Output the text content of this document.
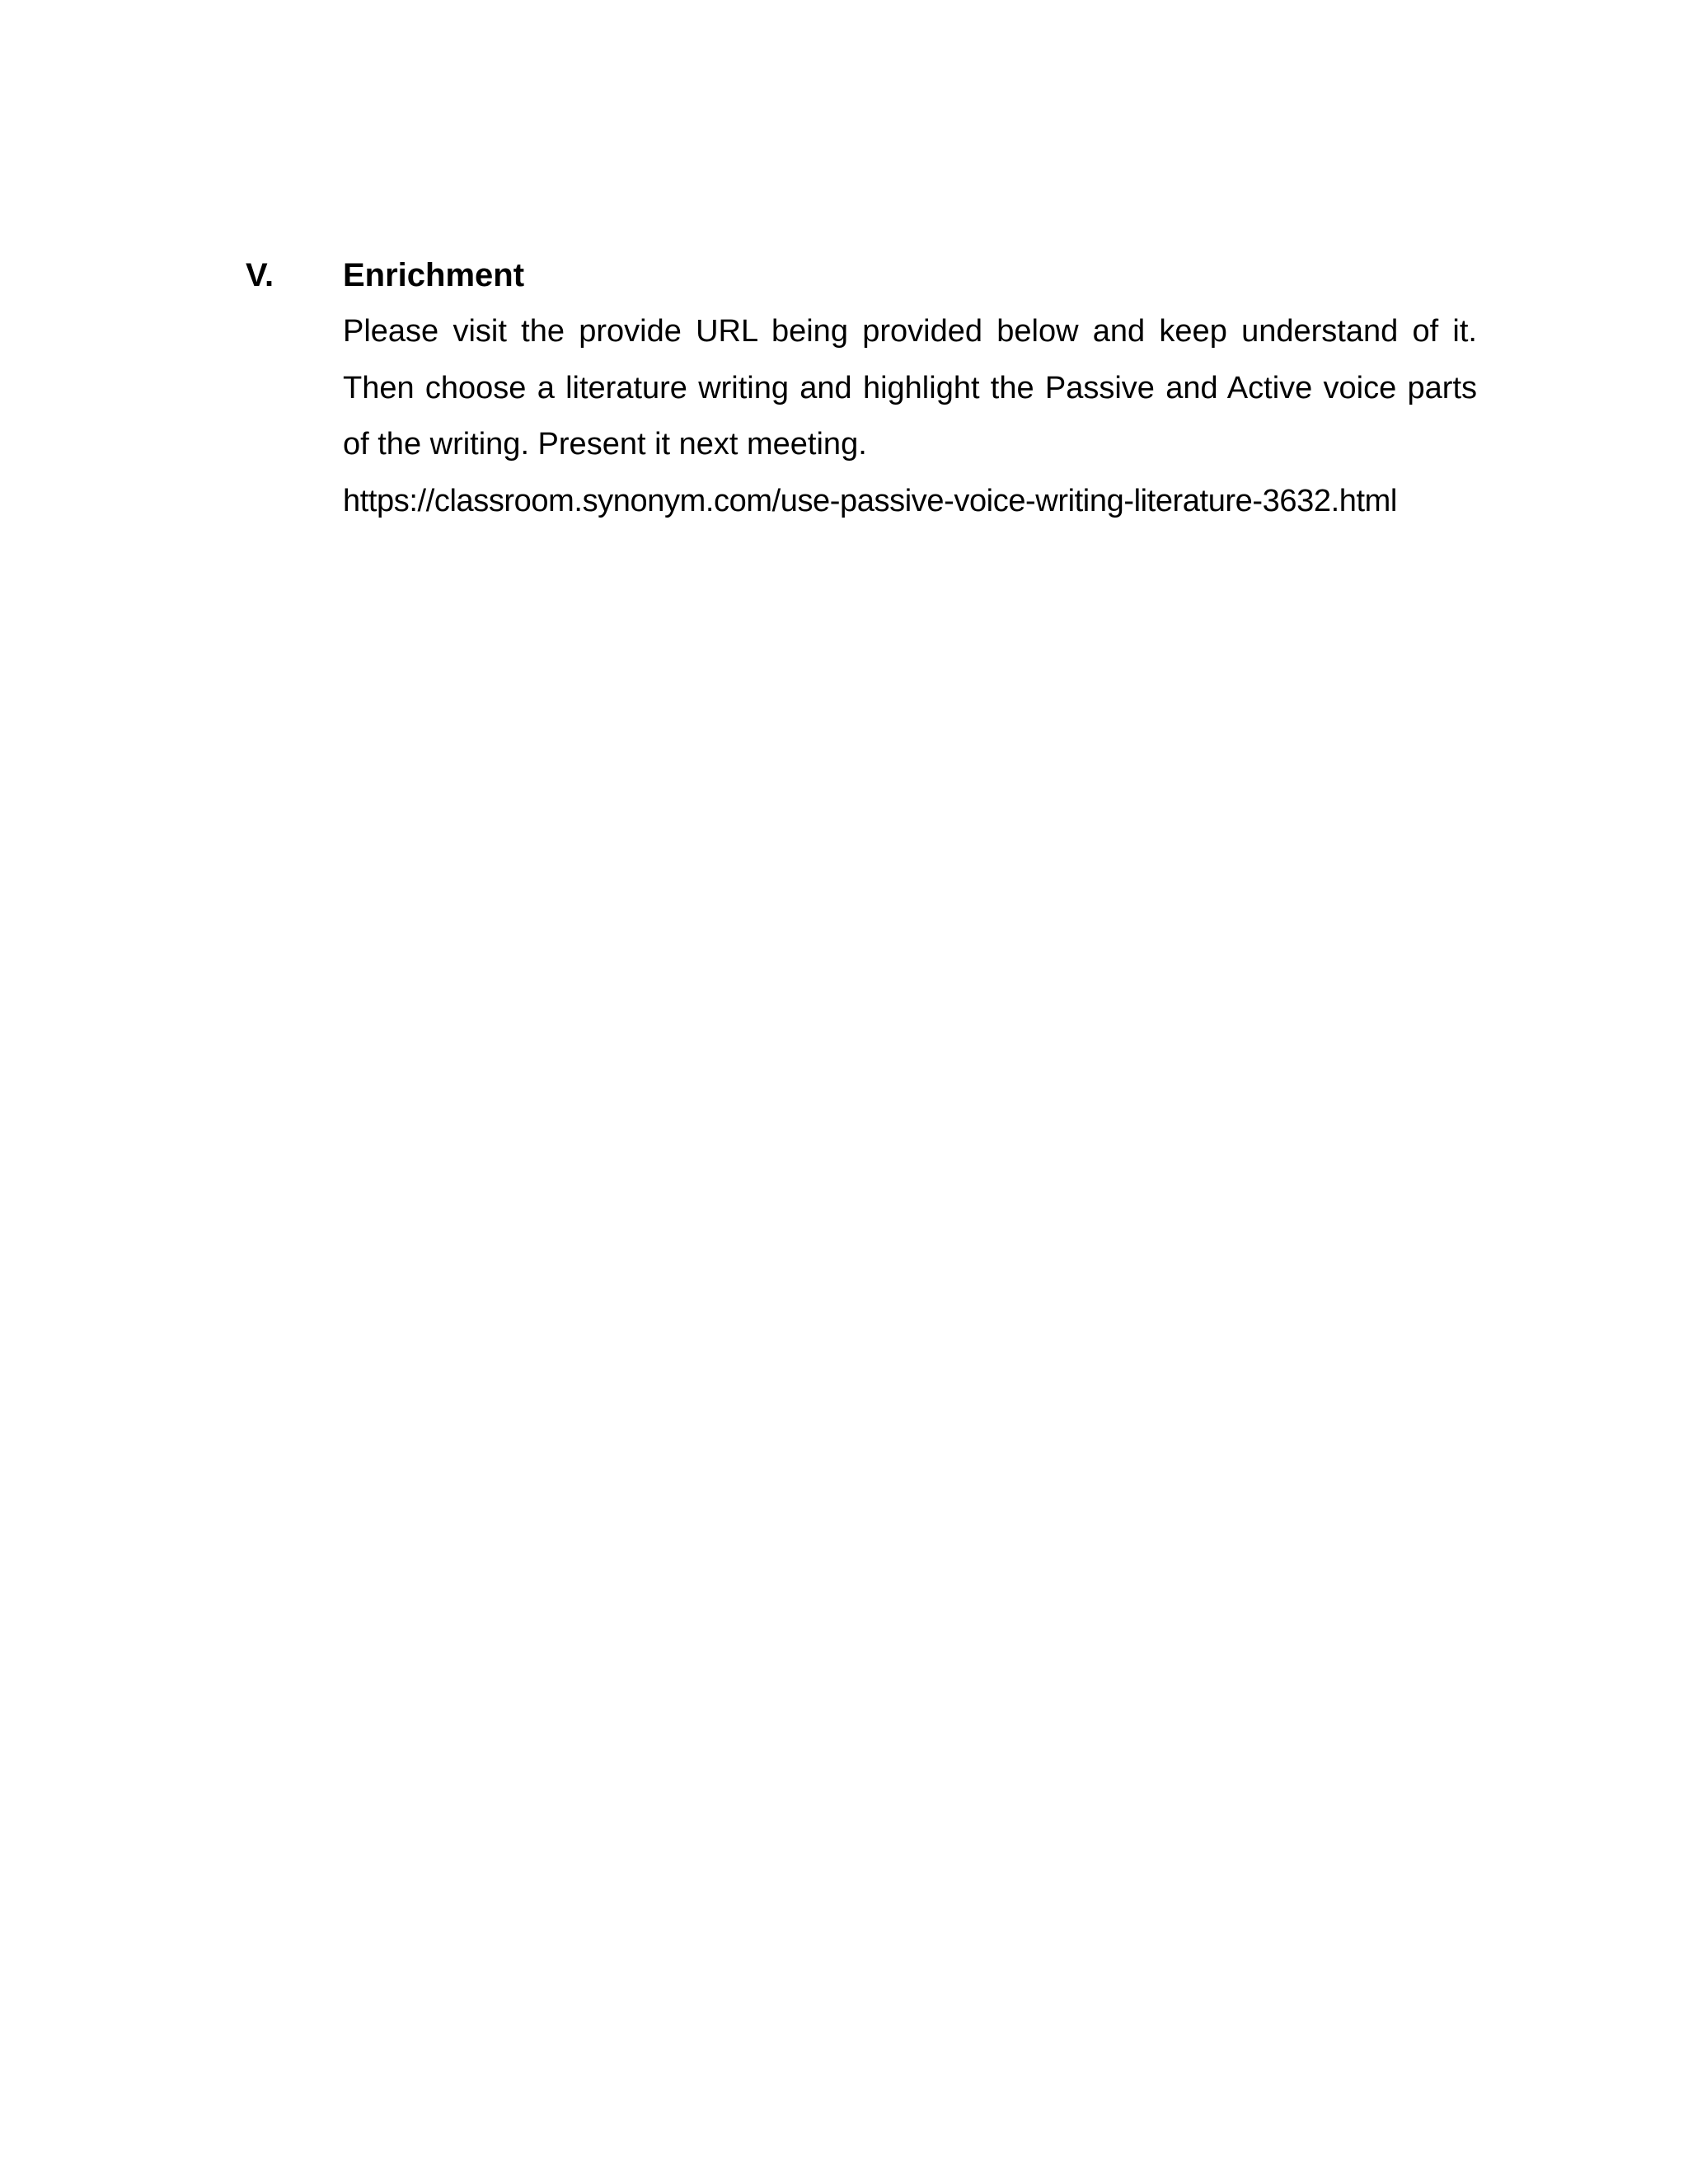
V. Enrichment

Please visit the provide URL being provided below and keep understand of it. Then choose a literature writing and highlight the Passive and Active voice parts of the writing. Present it next meeting.

https://classroom.synonym.com/use-passive-voice-writing-literature-3632.html
